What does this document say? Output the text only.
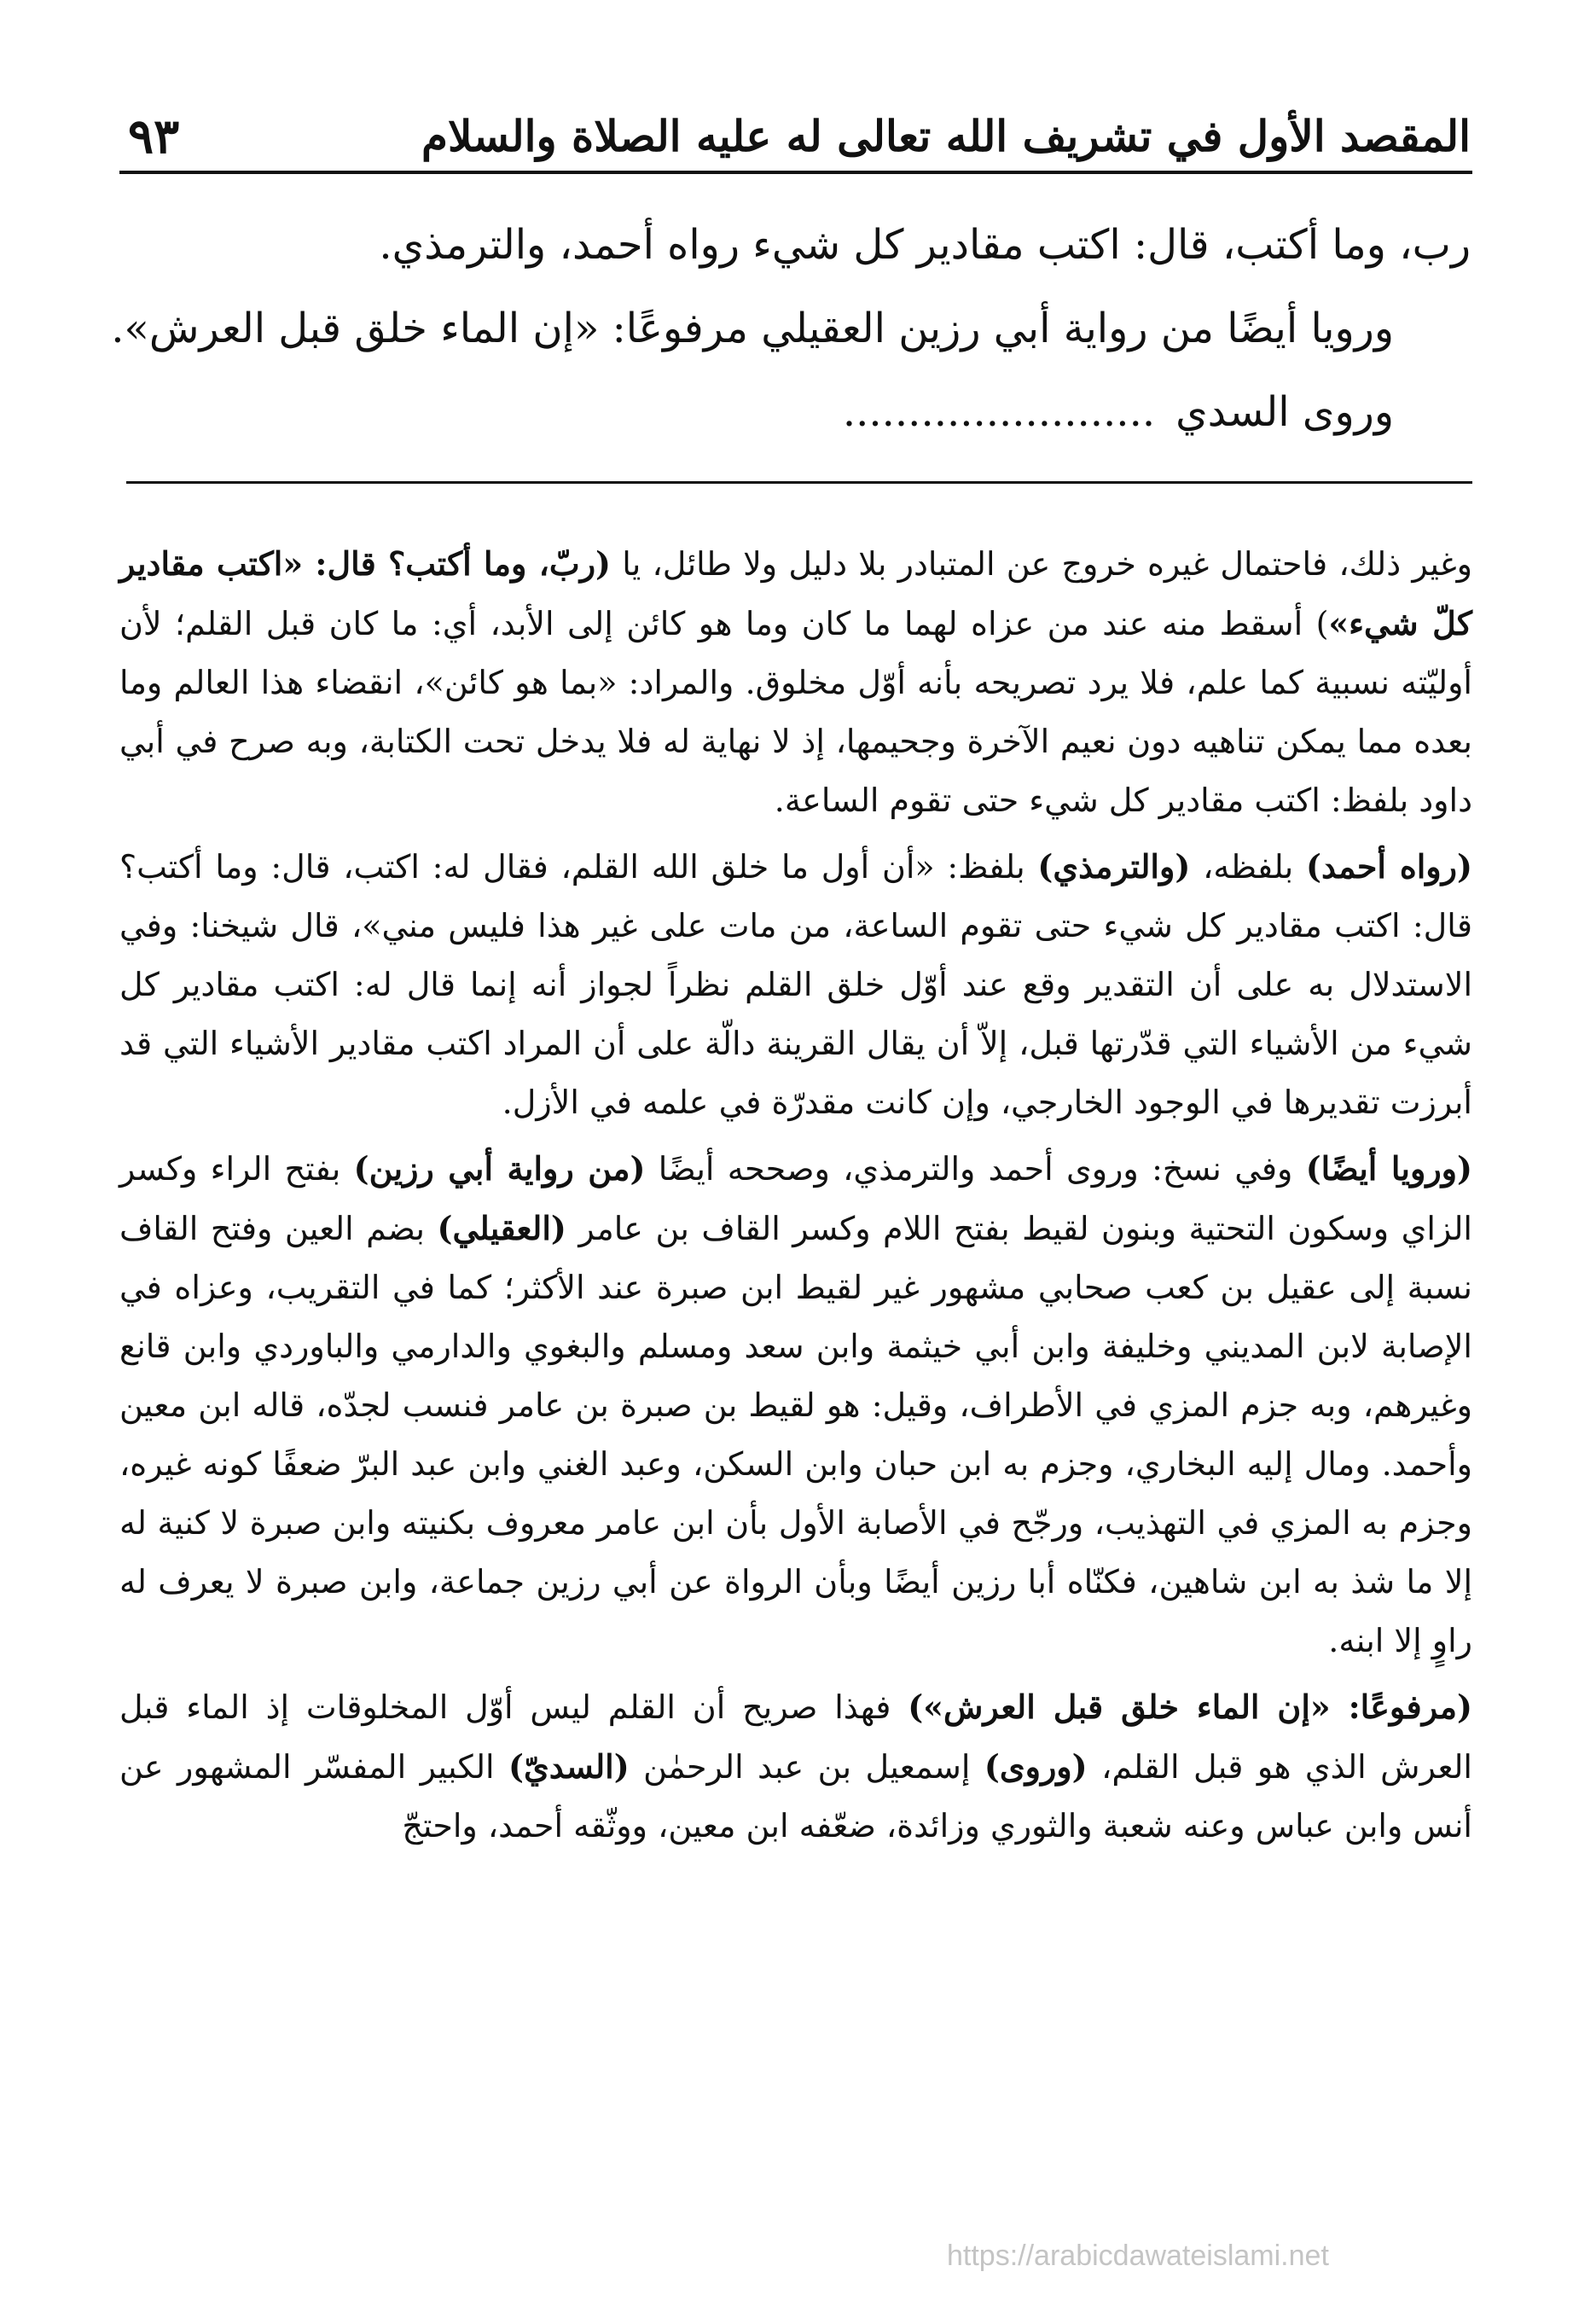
المقصد الأول في تشريف الله تعالى له عليه الصلاة والسلام
٩٣

رب، وما أكتب، قال: اكتب مقادير كل شيء رواه أحمد، والترمذي.

ورويا أيضًا من رواية أبي رزين العقيلي مرفوعًا: «إن الماء خلق قبل العرش».

وروى السدي........................

وغير ذلك، فاحتمال غيره خروج عن المتبادر بلا دليل ولا طائل، يا (ربّ، وما أكتب؟ قال: «اكتب مقادير كلّ شيء») أسقط منه عند من عزاه لهما ما كان وما هو كائن إلى الأبد، أي: ما كان قبل القلم؛ لأن أوليّته نسبية كما علم، فلا يرد تصريحه بأنه أوّل مخلوق. والمراد: «بما هو كائن»، انقضاء هذا العالم وما بعده مما يمكن تناهيه دون نعيم الآخرة وجحيمها، إذ لا نهاية له فلا يدخل تحت الكتابة، وبه صرح في أبي داود بلفظ: اكتب مقادير كل شيء حتى تقوم الساعة.

(رواه أحمد) بلفظه، (والترمذي) بلفظ: «أن أول ما خلق الله القلم، فقال له: اكتب، قال: وما أكتب؟ قال: اكتب مقادير كل شيء حتى تقوم الساعة، من مات على غير هذا فليس مني»، قال شيخنا: وفي الاستدلال به على أن التقدير وقع عند أوّل خلق القلم نظراً لجواز أنه إنما قال له: اكتب مقادير كل شيء من الأشياء التي قدّرتها قبل، إلاّ أن يقال القرينة دالّة على أن المراد اكتب مقادير الأشياء التي قد أبرزت تقديرها في الوجود الخارجي، وإن كانت مقدرّة في علمه في الأزل.

(ورويا أيضًا) وفي نسخ: وروى أحمد والترمذي، وصححه أيضًا (من رواية أبي رزين) بفتح الراء وكسر الزاي وسكون التحتية وبنون لقيط بفتح اللام وكسر القاف بن عامر (العقيلي) بضم العين وفتح القاف نسبة إلى عقيل بن كعب صحابي مشهور غير لقيط ابن صبرة عند الأكثر؛ كما في التقريب، وعزاه في الإصابة لابن المديني وخليفة وابن أبي خيثمة وابن سعد ومسلم والبغوي والدارمي والباوردي وابن قانع وغيرهم، وبه جزم المزي في الأطراف، وقيل: هو لقيط بن صبرة بن عامر فنسب لجدّه، قاله ابن معين وأحمد. ومال إليه البخاري، وجزم به ابن حبان وابن السكن، وعبد الغني وابن عبد البرّ ضعفًا كونه غيره، وجزم به المزي في التهذيب، ورجّح في الأصابة الأول بأن ابن عامر معروف بكنيته وابن صبرة لا كنية له إلا ما شذ به ابن شاهين، فكنّاه أبا رزين أيضًا وبأن الرواة عن أبي رزين جماعة، وابن صبرة لا يعرف له راوٍ إلا ابنه.

(مرفوعًا: «إن الماء خلق قبل العرش») فهذا صريح أن القلم ليس أوّل المخلوقات إذ الماء قبل العرش الذي هو قبل القلم، (وروى) إسمعيل بن عبد الرحمٰن (السديّ) الكبير المفسّر المشهور عن أنس وابن عباس وعنه شعبة والثوري وزائدة، ضعّفه ابن معين، ووثّقه أحمد، واحتجّ

https://arabicdawateislami.net
